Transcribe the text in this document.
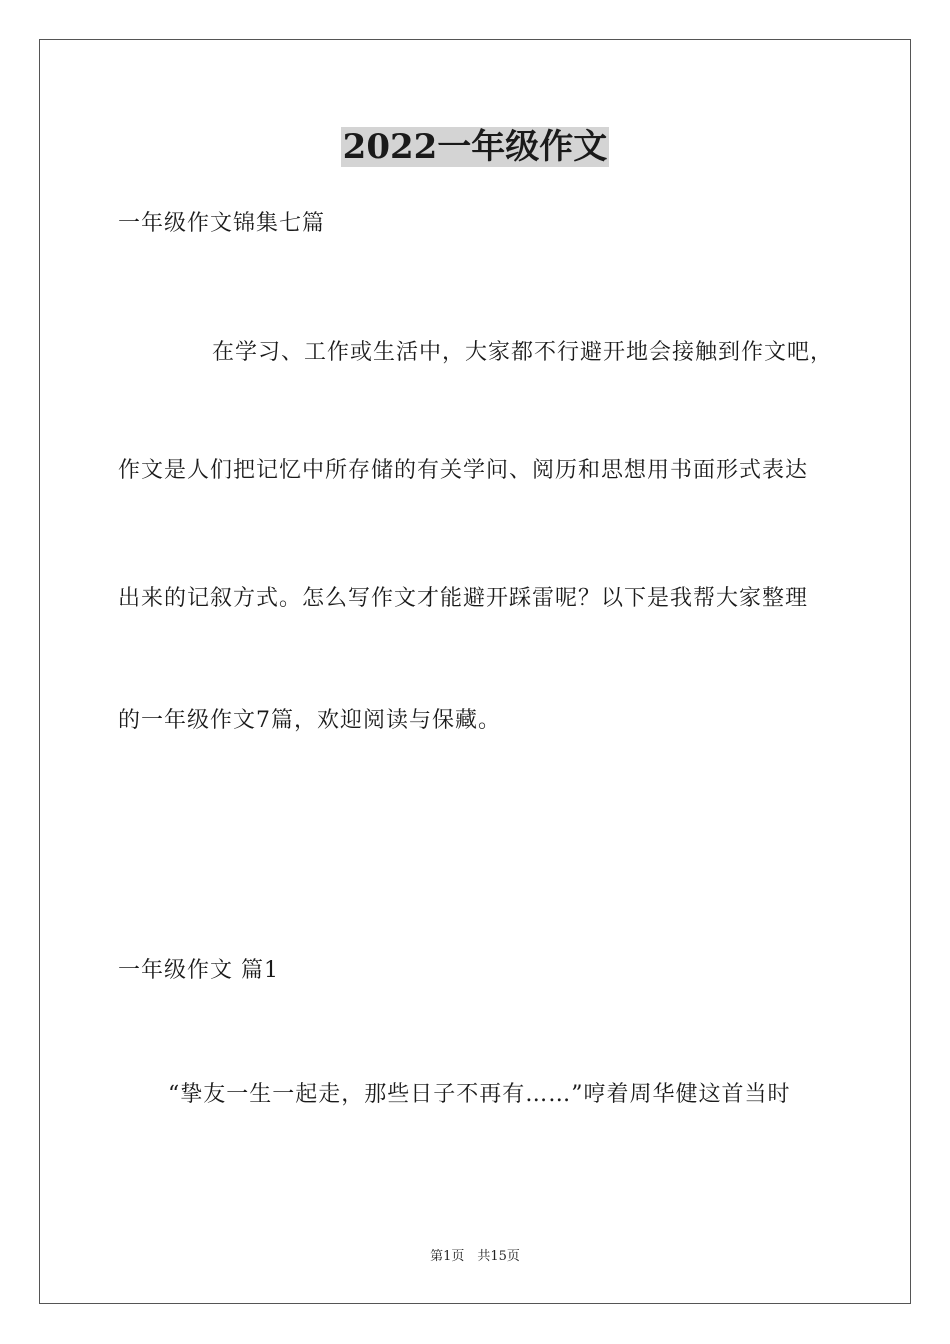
2022一年级作文
一年级作文锦集七篇
在学习、工作或生活中，大家都不行避开地会接触到作文吧，
作文是人们把记忆中所存储的有关学问、阅历和思想用书面形式表达
出来的记叙方式。怎么写作文才能避开踩雷呢？以下是我帮大家整理
的一年级作文7篇，欢迎阅读与保藏。
一年级作文 篇1
“挚友一生一起走，那些日子不再有……”哼着周华健这首当时
第1页　共15页
